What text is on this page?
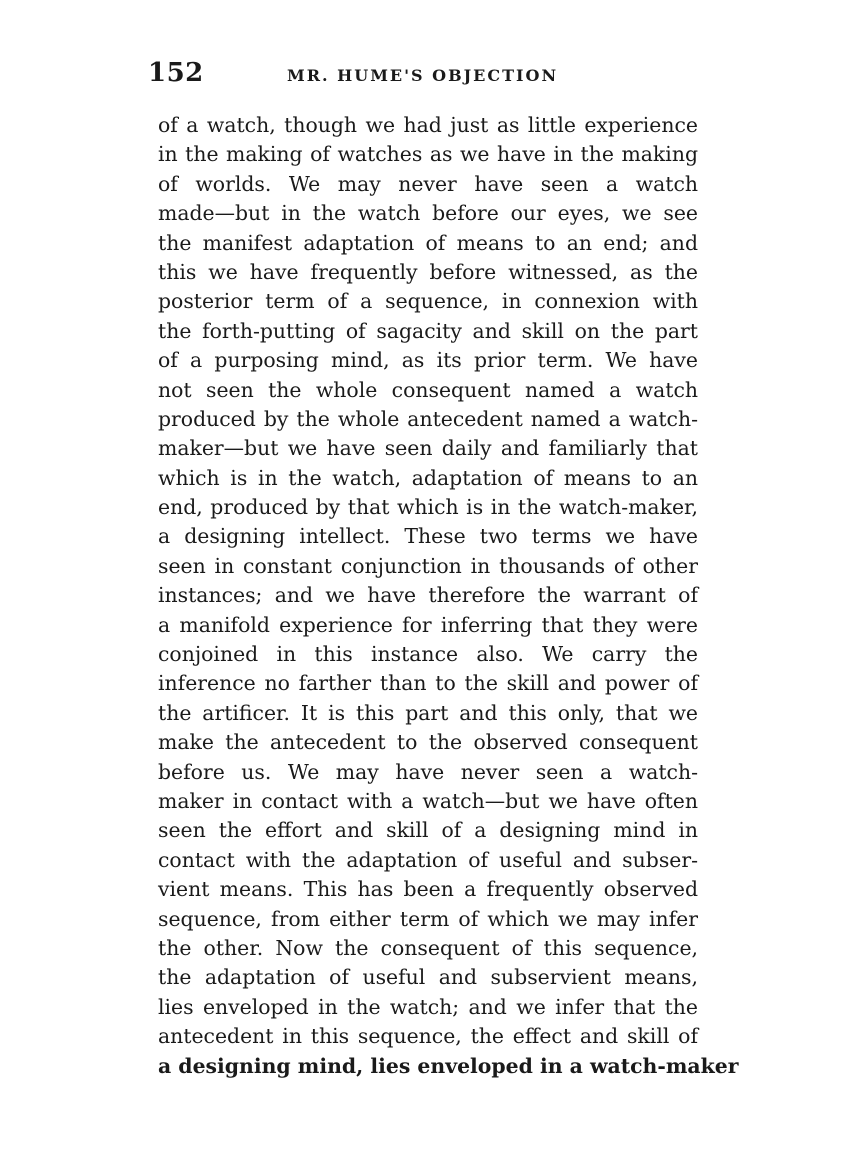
152	MR. HUME'S OBJECTION
of a watch, though we had just as little experience
in the making of watches as we have in the making
of worlds. We may never have seen a watch
made—but in the watch before our eyes, we see
the manifest adaptation of means to an end; and
this we have frequently before witnessed, as the
posterior term of a sequence, in connexion with
the forth-putting of sagacity and skill on the part
of a purposing mind, as its prior term. We have
not seen the whole consequent named a watch
produced by the whole antecedent named a watch-
maker—but we have seen daily and familiarly that
which is in the watch, adaptation of means to an
end, produced by that which is in the watch-maker,
a designing intellect. These two terms we have
seen in constant conjunction in thousands of other
instances; and we have therefore the warrant of
a manifold experience for inferring that they were
conjoined in this instance also. We carry the
inference no farther than to the skill and power of
the artificer. It is this part and this only, that we
make the antecedent to the observed consequent
before us. We may have never seen a watch-
maker in contact with a watch—but we have often
seen the effort and skill of a designing mind in
contact with the adaptation of useful and subser-
vient means. This has been a frequently observed
sequence, from either term of which we may infer
the other. Now the consequent of this sequence,
the adaptation of useful and subservient means,
lies enveloped in the watch; and we infer that the
antecedent in this sequence, the effect and skill of
a designing mind, lies enveloped in a watch-maker
